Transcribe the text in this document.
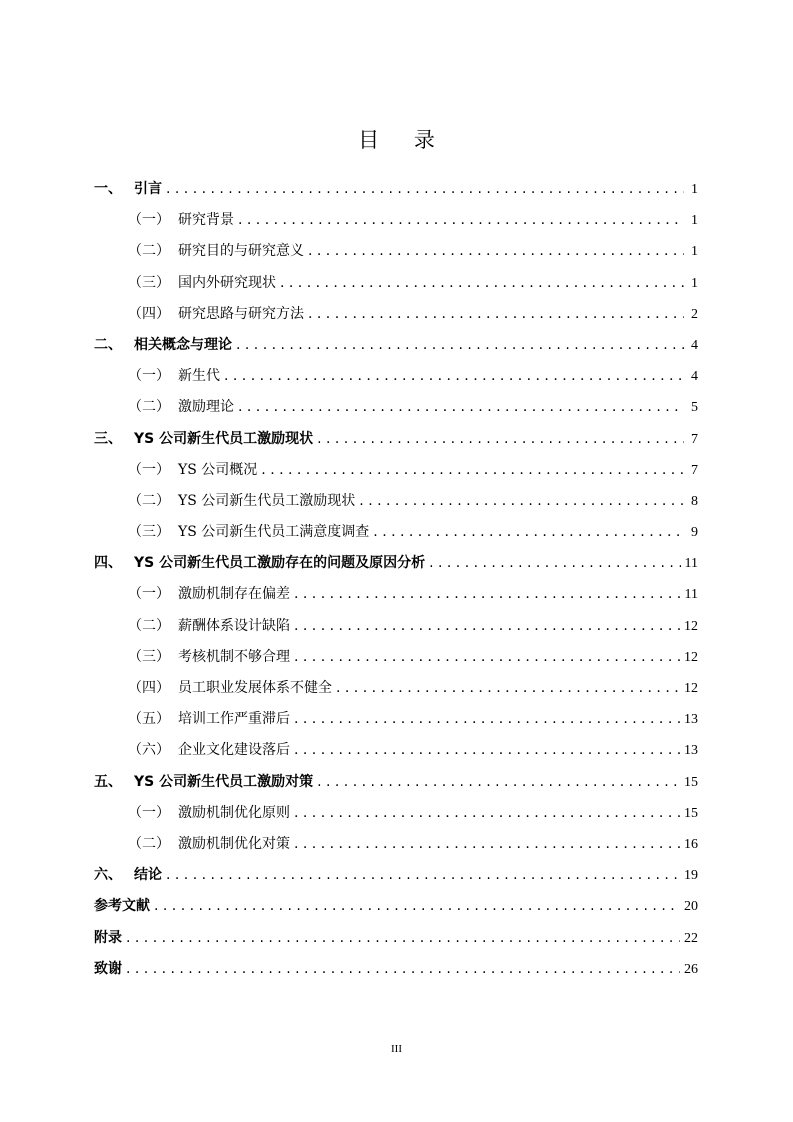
目 录
一、 引言 . . .	1
（一） 研究背景 . . .	1
（二） 研究目的与研究意义 . . .	1
（三） 国内外研究现状 . . .	1
（四） 研究思路与研究方法 . . .	2
二、 相关概念与理论 . . .	4
（一） 新生代 . . .	4
（二） 激励理论 . . .	5
三、 YS 公司新生代员工激励现状 . . .	7
（一） YS 公司概况 . . .	7
（二） YS 公司新生代员工激励现状 . . .	8
（三） YS 公司新生代员工满意度调查 . . .	9
四、 YS 公司新生代员工激励存在的问题及原因分析 . . .	11
（一） 激励机制存在偏差 . . .	11
（二） 薪酬体系设计缺陷 . . .	12
（三） 考核机制不够合理 . . .	12
（四） 员工职业发展体系不健全 . . .	12
（五） 培训工作严重滞后 . . .	13
（六） 企业文化建设落后 . . .	13
五、 YS 公司新生代员工激励对策 . . .	15
（一） 激励机制优化原则 . . .	15
（二） 激励机制优化对策 . . .	16
六、 结论 . . .	19
参考文献 . . .	20
附录 . . .	22
致谢 . . .	26
III
